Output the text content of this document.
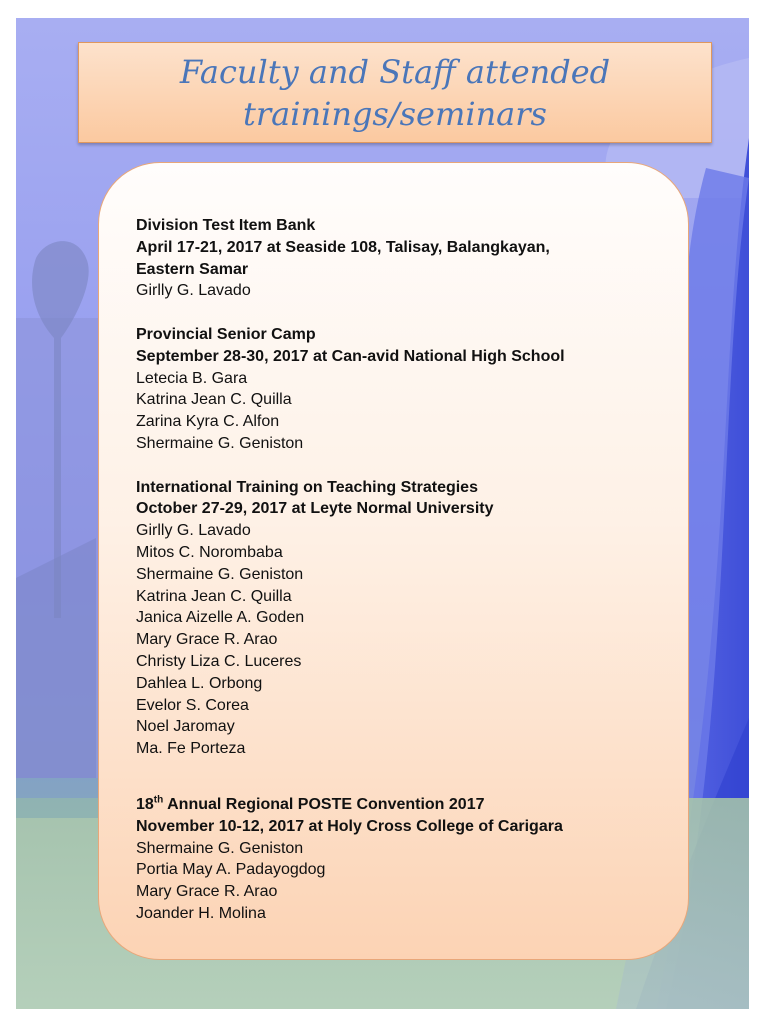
Faculty and Staff attended trainings/seminars
Division Test Item Bank
April 17-21, 2017 at Seaside 108, Talisay, Balangkayan,
Eastern Samar
Girlly G. Lavado
Provincial Senior Camp
September 28-30, 2017 at Can-avid National High School
Letecia B. Gara
Katrina Jean C. Quilla
Zarina Kyra C. Alfon
Shermaine G. Geniston
International Training on Teaching Strategies
October 27-29, 2017 at Leyte Normal University
Girlly G. Lavado
Mitos C. Norombaba
Shermaine G. Geniston
Katrina Jean C. Quilla
Janica Aizelle A. Goden
Mary Grace R. Arao
Christy Liza C. Luceres
Dahlea L. Orbong
Evelor S. Corea
Noel Jaromay
Ma. Fe Porteza
18th Annual Regional POSTE Convention 2017
November 10-12, 2017 at Holy Cross College of Carigara
Shermaine G. Geniston
Portia May A. Padayogdog
Mary Grace R. Arao
Joander H. Molina
